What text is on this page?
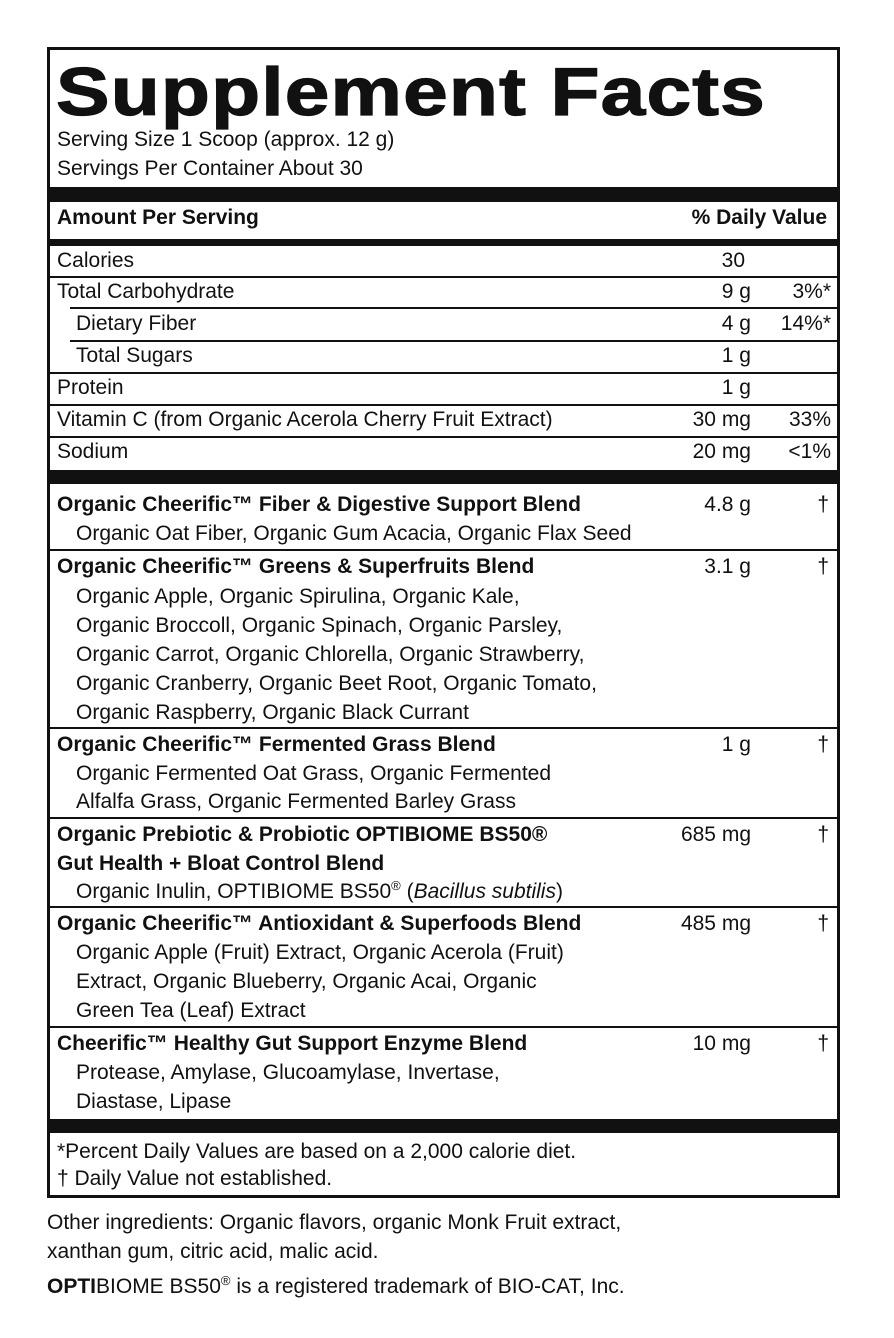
Supplement Facts
Serving Size 1 Scoop (approx. 12 g)
Servings Per Container About 30
Amount Per Serving	% Daily Value
Calories	30
Total Carbohydrate	9 g 3%*
Dietary Fiber	4 g 14%*
Total Sugars	1 g
Protein	1 g
Vitamin C (from Organic Acerola Cherry Fruit Extract)	30 mg 33%
Sodium	20 mg <1%
Organic Cheerific™ Fiber & Digestive Support Blend	4.8 g	†
Organic Oat Fiber, Organic Gum Acacia, Organic Flax Seed
Organic Cheerific™ Greens & Superfruits Blend	3.1 g	†
Organic Apple, Organic Spirulina, Organic Kale,
Organic Broccoll, Organic Spinach, Organic Parsley,
Organic Carrot, Organic Chlorella, Organic Strawberry,
Organic Cranberry, Organic Beet Root, Organic Tomato,
Organic Raspberry, Organic Black Currant
Organic Cheerific™ Fermented Grass Blend	1 g	†
Organic Fermented Oat Grass, Organic Fermented
Alfalfa Grass, Organic Fermented Barley Grass
Organic Prebiotic & Probiotic OPTIBIOME BS50®
Gut Health + Bloat Control Blend
685 mg	†
Organic Inulin, OPTIBIOME BS50® (Bacillus subtilis)
Organic Cheerific™ Antioxidant & Superfoods Blend	485 mg	†
Organic Apple (Fruit) Extract, Organic Acerola (Fruit)
Extract, Organic Blueberry, Organic Acai, Organic
Green Tea (Leaf) Extract
Cheerific™ Healthy Gut Support Enzyme Blend	10 mg	†
Protease, Amylase, Glucoamylase, Invertase,
Diastase, Lipase
*Percent Daily Values are based on a 2,000 calorie diet.
† Daily Value not established.
Other ingredients: Organic flavors, organic Monk Fruit extract,
xanthan gum, citric acid, malic acid.
OPTIBIOME BS50® is a registered trademark of BIO-CAT, Inc.
